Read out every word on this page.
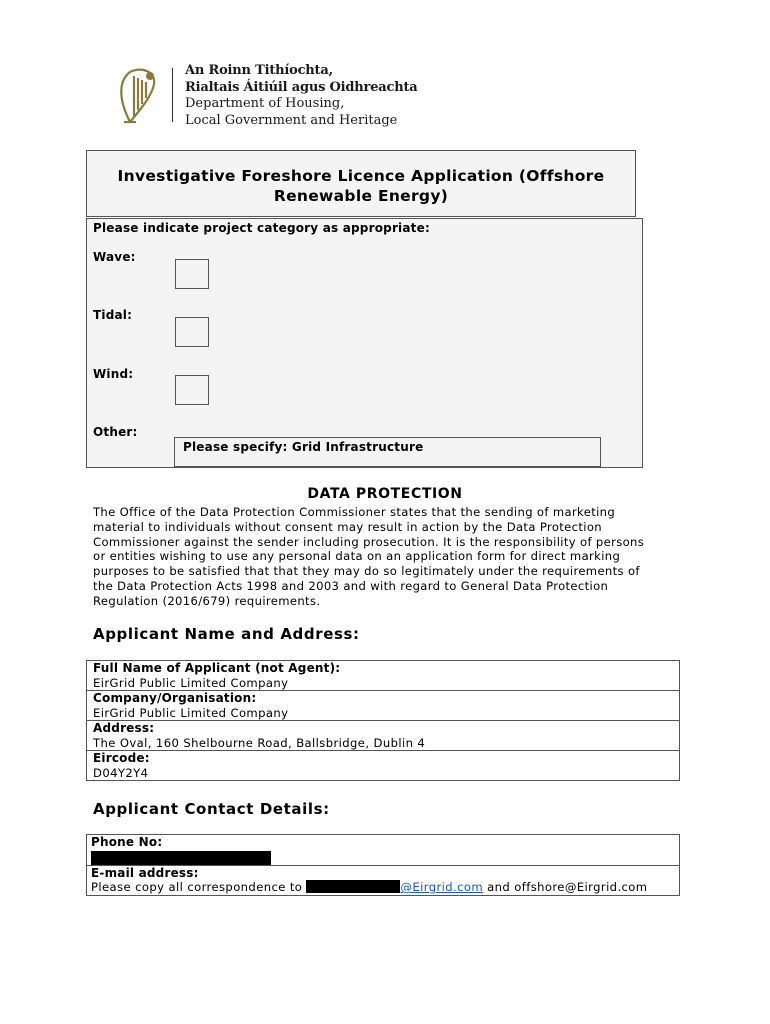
An Roinn Tithíochta,
Rialtais Áitiúil agus Oidhreachta
Department of Housing,
Local Government and Heritage
Investigative Foreshore Licence Application (Offshore
Renewable Energy)
Please indicate project category as appropriate:
Wave:
Tidal:
Wind:
Other:
Please specify: Grid Infrastructure
DATA PROTECTION
The Office of the Data Protection Commissioner states that the sending of marketing
material to individuals without consent may result in action by the Data Protection
Commissioner against the sender including prosecution. It is the responsibility of persons
or entities wishing to use any personal data on an application form for direct marking
purposes to be satisfied that that they may do so legitimately under the requirements of
the Data Protection Acts 1998 and 2003 and with regard to General Data Protection
Regulation (2016/679) requirements.
Applicant Name and Address:
Full Name of Applicant (not Agent):
EirGrid Public Limited Company

Company/Organisation:
EirGrid Public Limited Company

Address:
The Oval, 160 Shelbourne Road, Ballsbridge, Dublin 4

Eircode:
D04Y2Y4
Applicant Contact Details:
Phone No:

E-mail address:
Please copy all correspondence to	@Eirgrid.com and offshore@Eirgrid.com
